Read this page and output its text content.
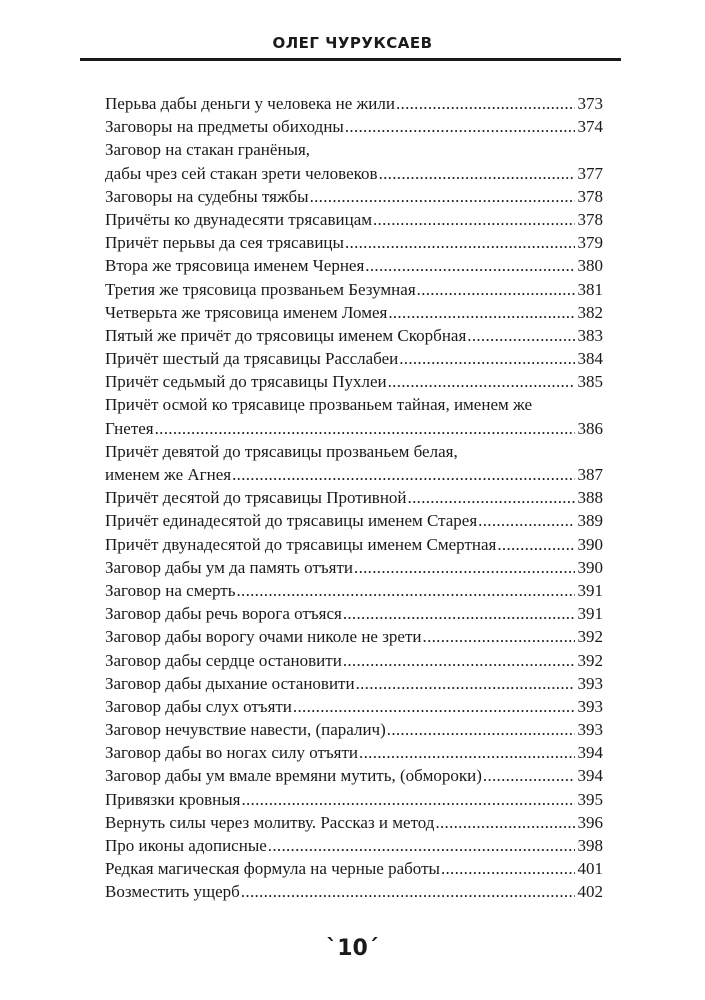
ОЛЕГ ЧУРУКСАЕВ
Перьва дабы деньги у человека не жили .....	373
Заговоры на предметы обиходны .....	374
Заговор на стакан гранёныя,
дабы чрез сей стакан зрети человеков .....	377
Заговоры на судебны тяжбы .....	378
Причёты ко двунадесяти трясавицам .....	378
Причёт перьвы да сея трясавицы .....	379
Втора же трясовица именем Чернея .....	380
Третия же трясовица прозваньем Безумная .....	381
Четверьта же трясовица именем Ломея .....	382
Пятый же причёт до трясовицы именем Скорбная .....	383
Причёт шестый да трясавицы Расслабеи .....	384
Причёт седьмый до трясавицы Пухлеи .....	385
Причёт осмой ко трясавице прозваньем тайная, именем же
Гнетея .....	386
Причёт девятой до трясавицы прозваньем белая,
именем же Агнея .....	387
Причёт десятой до трясавицы Противной .....	388
Причёт единадесятой до трясавицы именем Старея .....	389
Причёт двунадесятой до трясавицы именем Смертная .....	390
Заговор дабы ум да память отъяти .....	390
Заговор на смерть .....	391
Заговор дабы речь ворога отъяся .....	391
Заговор дабы ворогу очами николе не зрети .....	392
Заговор дабы сердце остановити .....	392
Заговор дабы дыхание остановити .....	393
Заговор дабы слух отъяти .....	393
Заговор нечувствие навести, (паралич) .....	393
Заговор дабы во ногах силу отъяти .....	394
Заговор дабы ум вмале времяни мутить, (обмороки) .....	394
Привязки кровныя .....	395
Вернуть силы через молитву. Рассказ и метод .....	396
Про иконы адописные .....	398
Редкая магическая формула на черные работы .....	401
Возместить ущерб .....	402
`10´
